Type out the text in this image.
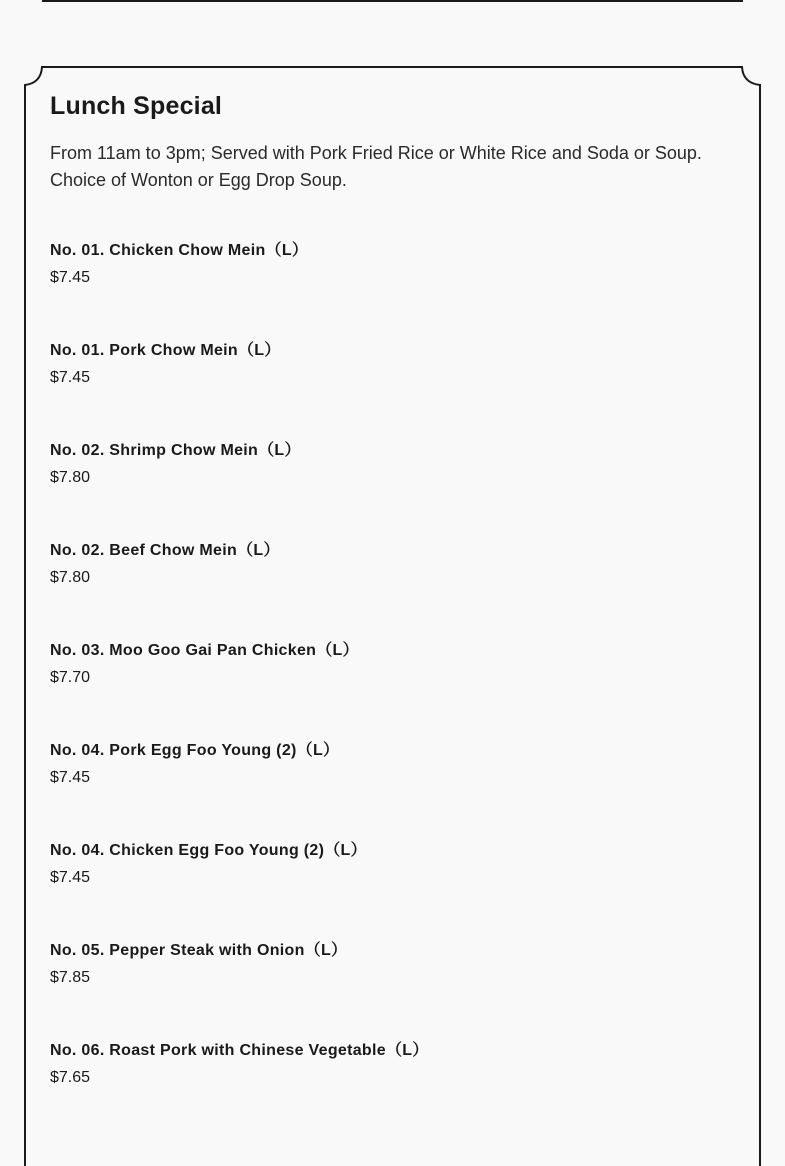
Lunch Special

From 11am to 3pm; Served with Pork Fried Rice or White Rice and Soda or Soup. Choice of Wonton or Egg Drop Soup.

No. 01. Chicken Chow Mein（L）
$7.45
No. 01. Pork Chow Mein（L）
$7.45
No. 02. Shrimp Chow Mein（L）
$7.80
No. 02. Beef Chow Mein（L）
$7.80
No. 03. Moo Goo Gai Pan Chicken（L）
$7.70
No. 04. Pork Egg Foo Young (2)（L）
$7.45
No. 04. Chicken Egg Foo Young (2)（L）
$7.45
No. 05. Pepper Steak with Onion（L）
$7.85
No. 06. Roast Pork with Chinese Vegetable（L）
$7.65
